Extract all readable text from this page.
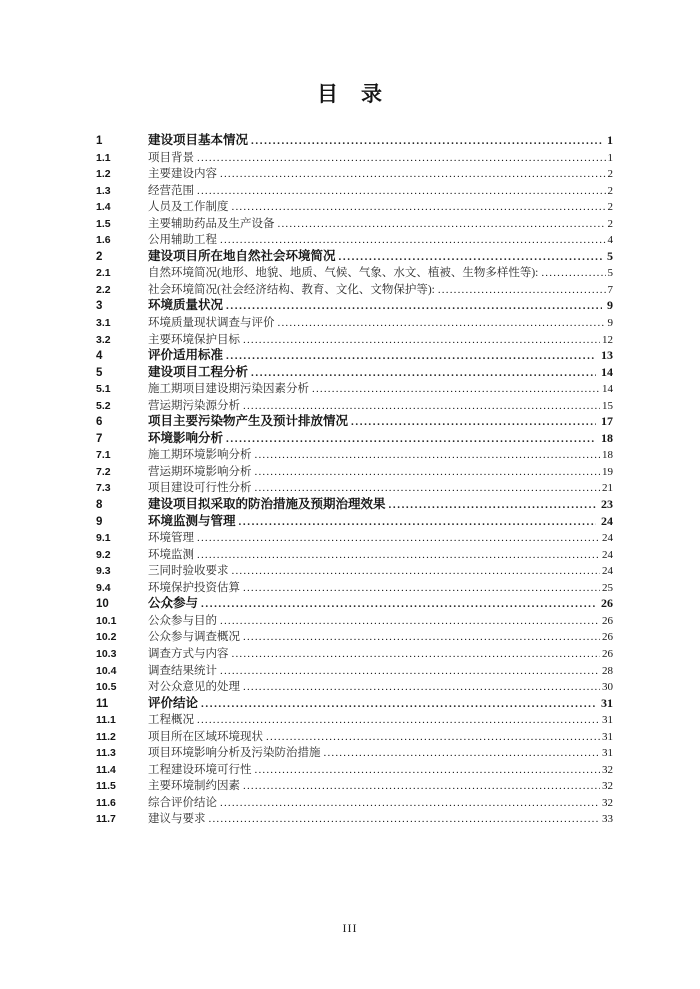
目　录
1	建设项目基本情况 .....	1
1.1	项目背景 .....	1
1.2	主要建设内容 .....	2
1.3	经营范围 .....	2
1.4	人员及工作制度 .....	2
1.5	主要辅助药品及生产设备 .....	2
1.6	公用辅助工程 .....	4
2	建设项目所在地自然社会环境简况 .....	5
2.1	自然环境简况(地形、地貌、地质、气候、气象、水文、植被、生物多样性等): .....	5
2.2	社会环境简况(社会经济结构、教育、文化、文物保护等): .....	7
3	环境质量状况 .....	9
3.1	环境质量现状调查与评价 .....	9
3.2	主要环境保护目标 .....	12
4	评价适用标准 .....	13
5	建设项目工程分析 .....	14
5.1	施工期项目建设期污染因素分析 .....	14
5.2	营运期污染源分析 .....	15
6	项目主要污染物产生及预计排放情况 .....	17
7	环境影响分析 .....	18
7.1	施工期环境影响分析 .....	18
7.2	营运期环境影响分析 .....	19
7.3	项目建设可行性分析 .....	21
8	建设项目拟采取的防治措施及预期治理效果 .....	23
9	环境监测与管理 .....	24
9.1	环境管理 .....	24
9.2	环境监测 .....	24
9.3	三同时验收要求 .....	24
9.4	环境保护投资估算 .....	25
10	公众参与 .....	26
10.1	公众参与目的 .....	26
10.2	公众参与调查概况 .....	26
10.3	调查方式与内容 .....	26
10.4	调查结果统计 .....	28
10.5	对公众意见的处理 .....	30
11	评价结论 .....	31
11.1	工程概况 .....	31
11.2	项目所在区域环境现状 .....	31
11.3	项目环境影响分析及污染防治措施 .....	31
11.4	工程建设环境可行性 .....	32
11.5	主要环境制约因素 .....	32
11.6	综合评价结论 .....	32
11.7	建议与要求 .....	33
III
